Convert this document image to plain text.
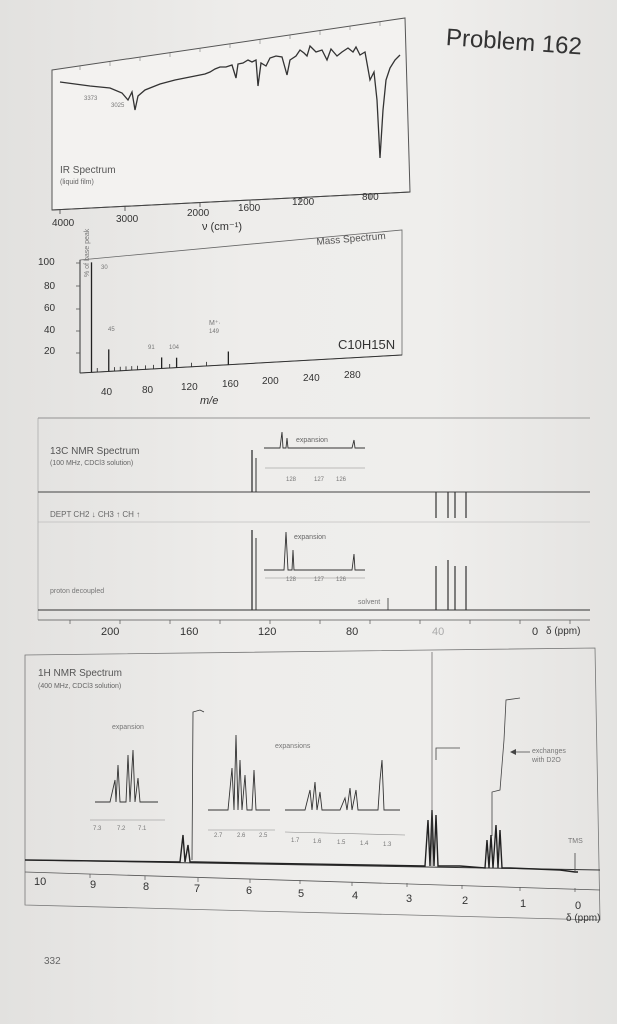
Problem 162
3373
3025
IR Spectrum
(liquid film)
4000	3000
2000	1600
1200	800
ν (cm⁻¹)
% of base peak
100
80
60
40
20
30
45
91 104
M⁺·
149
Mass Spectrum
C10H15N
40	80	120 160 200 240 280
m/e
13C NMR Spectrum
(100 MHz, CDCl3 solution)
DEPT CH2 ↓ CH3 ↑ CH ↑
expansion
128	127 126
expansion
128	127 126
proton decoupled
solvent
200	160	120	80	40	0 δ (ppm)
1H NMR Spectrum
(400 MHz, CDCl3 solution)
expansion
expansions
7.3	7.2 7.1
2.7 2.6 2.5
1.7 1.6	1.5 1.4 1.3
exchanges
with D2O
TMS
10	9	8	7	6	5	4	3	2	1	0
δ (ppm)
332
